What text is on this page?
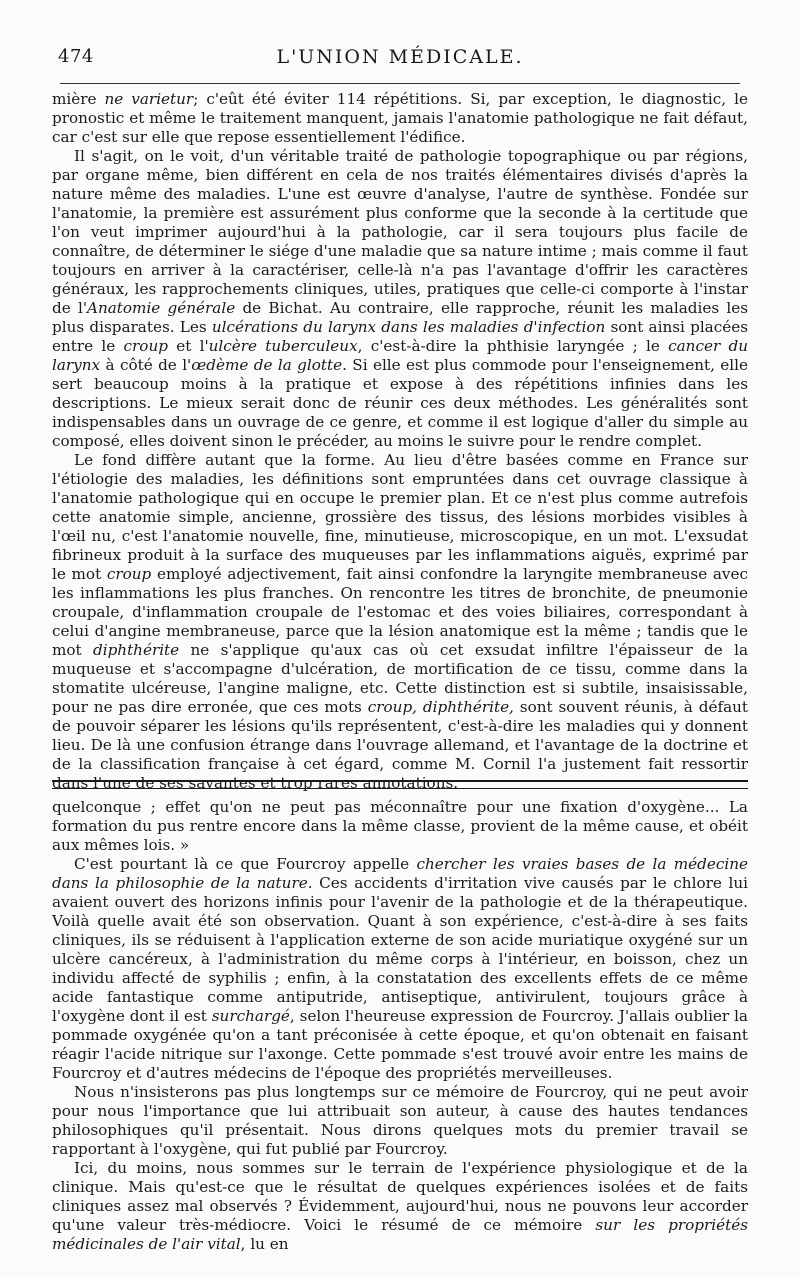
474	L'UNION MÉDICALE.

mière ne varietur; c'eût été éviter 114 répétitions. Si, par exception, le diagnostic, le pronostic et même le traitement manquent, jamais l'anatomie pathologique ne fait défaut, car c'est sur elle que repose essentiellement l'édifice.

Il s'agit, on le voit, d'un véritable traité de pathologie topographique ou par régions, par organe même, bien différent en cela de nos traités élémentaires divisés d'après la nature même des maladies. L'une est œuvre d'analyse, l'autre de synthèse. Fondée sur l'anatomie, la première est assurément plus conforme que la seconde à la certitude que l'on veut imprimer aujourd'hui à la pathologie, car il sera toujours plus facile de connaître, de déterminer le siége d'une maladie que sa nature intime ; mais comme il faut toujours en arriver à la caractériser, celle-là n'a pas l'avantage d'offrir les caractères généraux, les rapprochements cliniques, utiles, pratiques que celle-ci comporte à l'instar de l'Anatomie générale de Bichat. Au contraire, elle rapproche, réunit les maladies les plus disparates. Les ulcérations du larynx dans les maladies d'infection sont ainsi placées entre le croup et l'ulcère tuberculeux, c'est-à-dire la phthisie laryngée ; le cancer du larynx à côté de l'œdème de la glotte. Si elle est plus commode pour l'enseignement, elle sert beaucoup moins à la pratique et expose à des répétitions infinies dans les descriptions. Le mieux serait donc de réunir ces deux méthodes. Les généralités sont indispensables dans un ouvrage de ce genre, et comme il est logique d'aller du simple au composé, elles doivent sinon le précéder, au moins le suivre pour le rendre complet.

Le fond diffère autant que la forme. Au lieu d'être basées comme en France sur l'étiologie des maladies, les définitions sont empruntées dans cet ouvrage classique à l'anatomie pathologique qui en occupe le premier plan. Et ce n'est plus comme autrefois cette anatomie simple, ancienne, grossière des tissus, des lésions morbides visibles à l'œil nu, c'est l'anatomie nouvelle, fine, minutieuse, microscopique, en un mot. L'exsudat fibrineux produit à la surface des muqueuses par les inflammations aiguës, exprimé par le mot croup employé adjectivement, fait ainsi confondre la laryngite membraneuse avec les inflammations les plus franches. On rencontre les titres de bronchite, de pneumonie croupale, d'inflammation croupale de l'estomac et des voies biliaires, correspondant à celui d'angine membraneuse, parce que la lésion anatomique est la même ; tandis que le mot diphthérite ne s'applique qu'aux cas où cet exsudat infiltre l'épaisseur de la muqueuse et s'accompagne d'ulcération, de mortification de ce tissu, comme dans la stomatite ulcéreuse, l'angine maligne, etc. Cette distinction est si subtile, insaisissable, pour ne pas dire erronée, que ces mots croup, diphthérite, sont souvent réunis, à défaut de pouvoir séparer les lésions qu'ils représentent, c'est-à-dire les maladies qui y donnent lieu. De là une confusion étrange dans l'ouvrage allemand, et l'avantage de la doctrine et de la classification française à cet égard, comme M. Cornil l'a justement fait ressortir dans l'une de ses savantes et trop rares annotations.

quelconque ; effet qu'on ne peut pas méconnaître pour une fixation d'oxygène... La formation du pus rentre encore dans la même classe, provient de la même cause, et obéit aux mêmes lois. »

C'est pourtant là ce que Fourcroy appelle chercher les vraies bases de la médecine dans la philosophie de la nature. Ces accidents d'irritation vive causés par le chlore lui avaient ouvert des horizons infinis pour l'avenir de la pathologie et de la thérapeutique. Voilà quelle avait été son observation. Quant à son expérience, c'est-à-dire à ses faits cliniques, ils se réduisent à l'application externe de son acide muriatique oxygéné sur un ulcère cancéreux, à l'administration du même corps à l'intérieur, en boisson, chez un individu affecté de syphilis ; enfin, à la constatation des excellents effets de ce même acide fantastique comme antiputride, antiseptique, antivirulent, toujours grâce à l'oxygène dont il est surchargé, selon l'heureuse expression de Fourcroy. J'allais oublier la pommade oxygénée qu'on a tant préconisée à cette époque, et qu'on obtenait en faisant réagir l'acide nitrique sur l'axonge. Cette pommade s'est trouvé avoir entre les mains de Fourcroy et d'autres médecins de l'époque des propriétés merveilleuses.

Nous n'insisterons pas plus longtemps sur ce mémoire de Fourcroy, qui ne peut avoir pour nous l'importance que lui attribuait son auteur, à cause des hautes tendances philosophiques qu'il présentait. Nous dirons quelques mots du premier travail se rapportant à l'oxygène, qui fut publié par Fourcroy.

Ici, du moins, nous sommes sur le terrain de l'expérience physiologique et de la clinique. Mais qu'est-ce que le résultat de quelques expériences isolées et de faits cliniques assez mal observés ? Évidemment, aujourd'hui, nous ne pouvons leur accorder qu'une valeur très-médiocre. Voici le résumé de ce mémoire sur les propriétés médicinales de l'air vital, lu en
